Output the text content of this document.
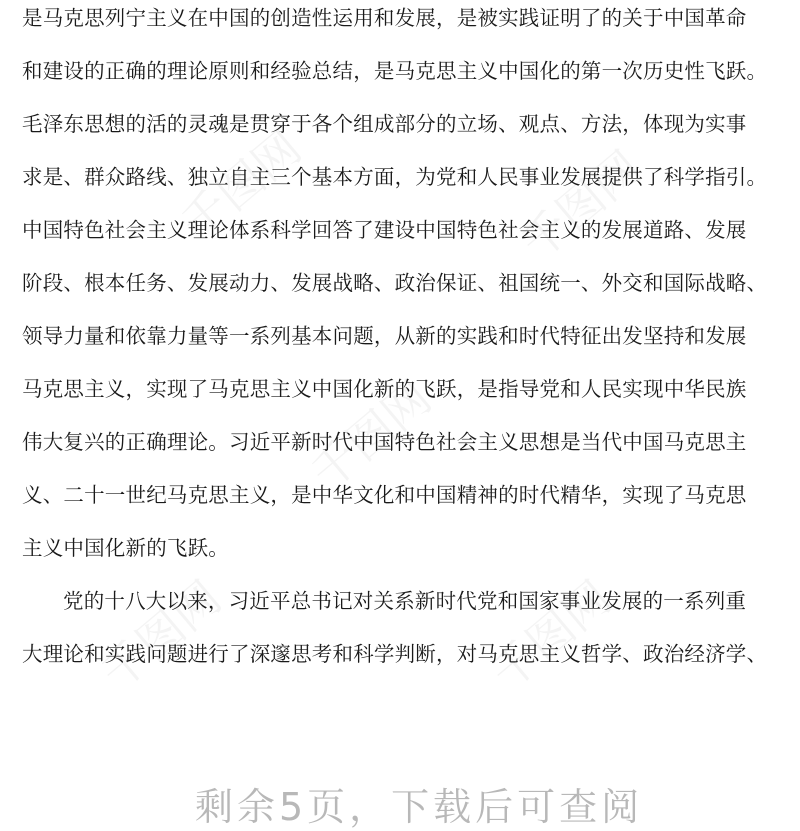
千图网	千图网
千图网
千图网	千图网
是马克思列宁主义在中国的创造性运用和发展，是被实践证明了的关于中国革命
和建设的正确的理论原则和经验总结，是马克思主义中国化的第一次历史性飞跃。
毛泽东思想的活的灵魂是贯穿于各个组成部分的立场、观点、方法，体现为实事
求是、群众路线、独立自主三个基本方面，为党和人民事业发展提供了科学指引。
中国特色社会主义理论体系科学回答了建设中国特色社会主义的发展道路、发展
阶段、根本任务、发展动力、发展战略、政治保证、祖国统一、外交和国际战略、
领导力量和依靠力量等一系列基本问题，从新的实践和时代特征出发坚持和发展
马克思主义，实现了马克思主义中国化新的飞跃，是指导党和人民实现中华民族
伟大复兴的正确理论。习近平新时代中国特色社会主义思想是当代中国马克思主
义、二十一世纪马克思主义，是中华文化和中国精神的时代精华，实现了马克思
主义中国化新的飞跃。
党的十八大以来，习近平总书记对关系新时代党和国家事业发展的一系列重
大理论和实践问题进行了深邃思考和科学判断，对马克思主义哲学、政治经济学、
剩余5页，下载后可查阅
